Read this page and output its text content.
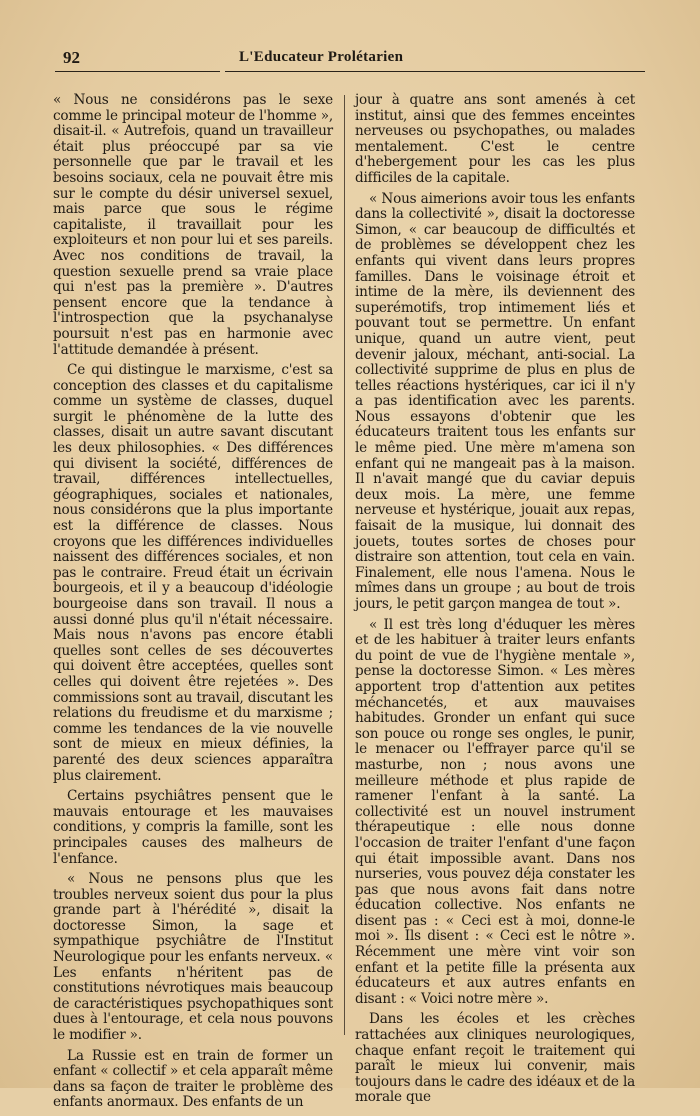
92	L'Educateur Prolétarien

« Nous ne considérons pas le sexe comme le principal moteur de l'homme », disait-il. « Autrefois, quand un travailleur était plus préoccupé par sa vie personnelle que par le travail et les besoins sociaux, cela ne pouvait être mis sur le compte du désir universel sexuel, mais parce que sous le régime capitaliste, il travaillait pour les exploiteurs et non pour lui et ses pareils. Avec nos conditions de travail, la question sexuelle prend sa vraie place qui n'est pas la première ». D'autres pensent encore que la tendance à l'introspection que la psychanalyse poursuit n'est pas en harmonie avec l'attitude demandée à présent.

Ce qui distingue le marxisme, c'est sa conception des classes et du capitalisme comme un système de classes, duquel surgit le phénomène de la lutte des classes, disait un autre savant discutant les deux philosophies. « Des différences qui divisent la société, différences de travail, différences intellectuelles, géographiques, sociales et nationales, nous considérons que la plus importante est la différence de classes. Nous croyons que les différences individuelles naissent des différences sociales, et non pas le contraire. Freud était un écrivain bourgeois, et il y a beaucoup d'idéologie bourgeoise dans son travail. Il nous a aussi donné plus qu'il n'était nécessaire. Mais nous n'avons pas encore établi quelles sont celles de ses découvertes qui doivent être acceptées, quelles sont celles qui doivent être rejetées ». Des commissions sont au travail, discutant les relations du freudisme et du marxisme ; comme les tendances de la vie nouvelle sont de mieux en mieux définies, la parenté des deux sciences apparaîtra plus clairement.

Certains psychiâtres pensent que le mauvais entourage et les mauvaises conditions, y compris la famille, sont les principales causes des malheurs de l'enfance.

« Nous ne pensons plus que les troubles nerveux soient dus pour la plus grande part à l'hérédité », disait la doctoresse Simon, la sage et sympathique psychiâtre de l'Institut Neurologique pour les enfants nerveux. « Les enfants n'héritent pas de constitutions névrotiques mais beaucoup de caractéristiques psychopathiques sont dues à l'entourage, et cela nous pouvons le modifier ».

La Russie est en train de former un enfant « collectif » et cela apparaît même dans sa façon de traiter le problème des enfants anormaux. Des enfants de un

jour à quatre ans sont amenés à cet institut, ainsi que des femmes enceintes nerveuses ou psychopathes, ou malades mentalement. C'est le centre d'hebergement pour les cas les plus difficiles de la capitale.

« Nous aimerions avoir tous les enfants dans la collectivité », disait la doctoresse Simon, « car beaucoup de difficultés et de problèmes se développent chez les enfants qui vivent dans leurs propres familles. Dans le voisinage étroit et intime de la mère, ils deviennent des superémotifs, trop intimement liés et pouvant tout se permettre. Un enfant unique, quand un autre vient, peut devenir jaloux, méchant, anti-social. La collectivité supprime de plus en plus de telles réactions hystériques, car ici il n'y a pas identification avec les parents. Nous essayons d'obtenir que les éducateurs traitent tous les enfants sur le même pied. Une mère m'amena son enfant qui ne mangeait pas à la maison. Il n'avait mangé que du caviar depuis deux mois. La mère, une femme nerveuse et hystérique, jouait aux repas, faisait de la musique, lui donnait des jouets, toutes sortes de choses pour distraire son attention, tout cela en vain. Finalement, elle nous l'amena. Nous le mîmes dans un groupe ; au bout de trois jours, le petit garçon mangea de tout ».

« Il est très long d'éduquer les mères et de les habituer à traiter leurs enfants du point de vue de l'hygiène mentale », pense la doctoresse Simon. « Les mères apportent trop d'attention aux petites méchancetés, et aux mauvaises habitudes. Gronder un enfant qui suce son pouce ou ronge ses ongles, le punir, le menacer ou l'effrayer parce qu'il se masturbe, non ; nous avons une meilleure méthode et plus rapide de ramener l'enfant à la santé. La collectivité est un nouvel instrument thérapeutique : elle nous donne l'occasion de traiter l'enfant d'une façon qui était impossible avant. Dans nos nurseries, vous pouvez déja constater les pas que nous avons fait dans notre éducation collective. Nos enfants ne disent pas : « Ceci est à moi, donne-le moi ». Ils disent : « Ceci est le nôtre ». Récemment une mère vint voir son enfant et la petite fille la présenta aux éducateurs et aux autres enfants en disant : « Voici notre mère ».

Dans les écoles et les crèches rattachées aux cliniques neurologiques, chaque enfant reçoit le traitement qui paraît le mieux lui convenir, mais toujours dans le cadre des idéaux et de la morale que
